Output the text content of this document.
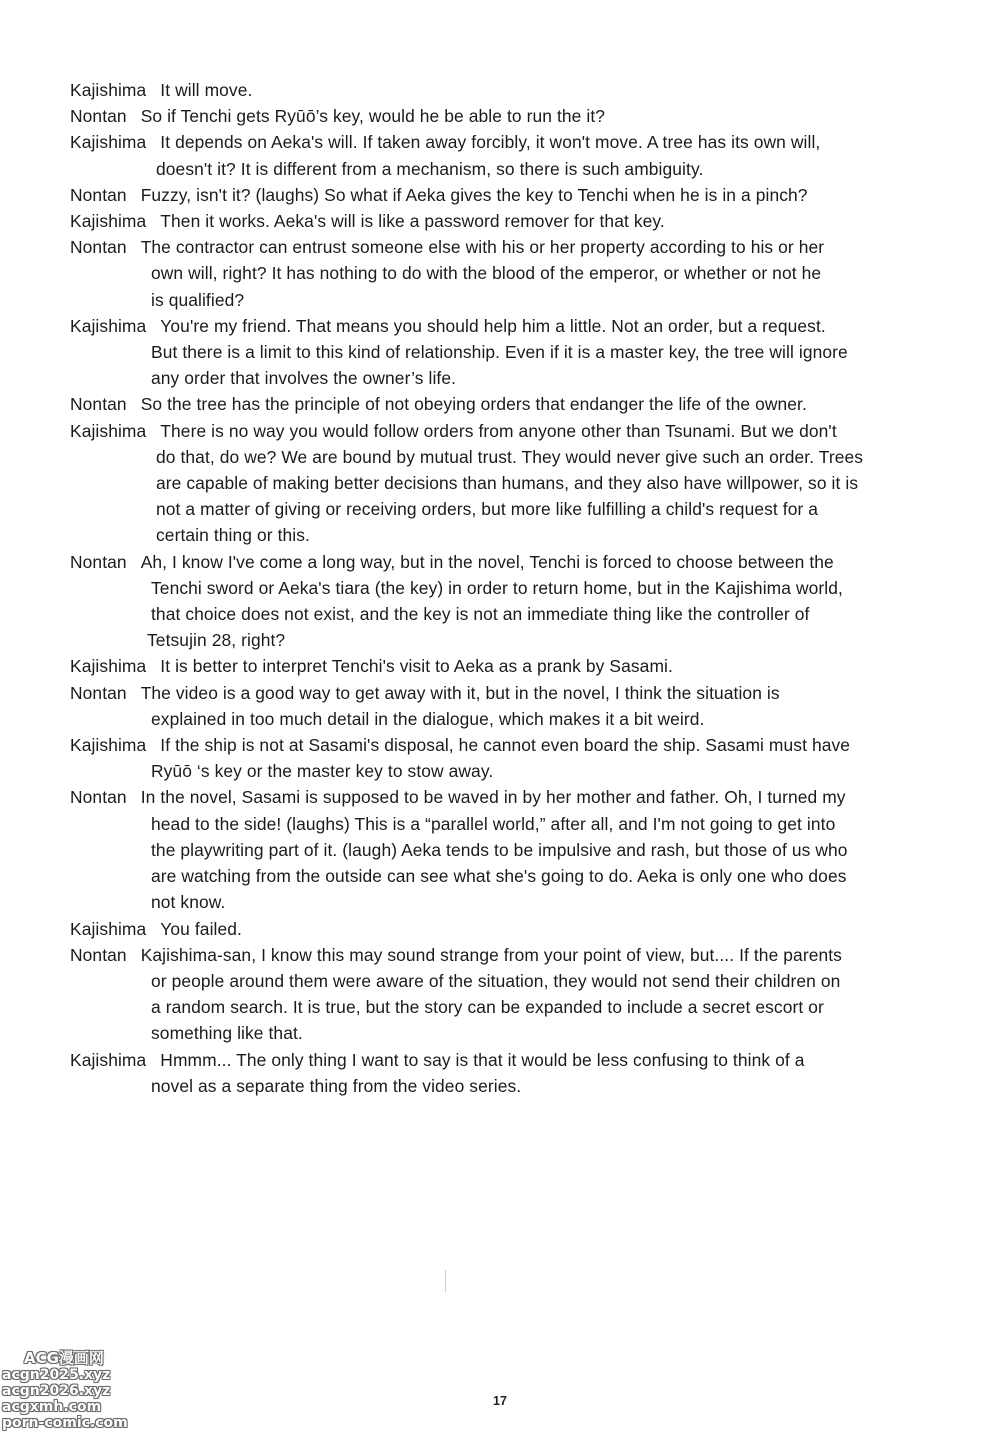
Kajishima It will move.
Nontan So if Tenchi gets Ryūō’s key, would he be able to run the it?
Kajishima It depends on Aeka's will. If taken away forcibly, it won't move. A tree has its own will,
doesn't it? It is different from a mechanism, so there is such ambiguity.
Nontan Fuzzy, isn't it? (laughs) So what if Aeka gives the key to Tenchi when he is in a pinch?
Kajishima Then it works. Aeka's will is like a password remover for that key.
Nontan The contractor can entrust someone else with his or her property according to his or her
own will, right? It has nothing to do with the blood of the emperor, or whether or not he
is qualified?
Kajishima You're my friend. That means you should help him a little. Not an order, but a request.
But there is a limit to this kind of relationship. Even if it is a master key, the tree will ignore
any order that involves the owner’s life.
Nontan So the tree has the principle of not obeying orders that endanger the life of the owner.
Kajishima There is no way you would follow orders from anyone other than Tsunami. But we don't
do that, do we? We are bound by mutual trust. They would never give such an order. Trees
are capable of making better decisions than humans, and they also have willpower, so it is
not a matter of giving or receiving orders, but more like fulfilling a child's request for a
certain thing or this.
Nontan Ah, I know I've come a long way, but in the novel, Tenchi is forced to choose between the
Tenchi sword or Aeka's tiara (the key) in order to return home, but in the Kajishima world,
that choice does not exist, and the key is not an immediate thing like the controller of
Tetsujin 28, right?
Kajishima It is better to interpret Tenchi's visit to Aeka as a prank by Sasami.
Nontan The video is a good way to get away with it, but in the novel, I think the situation is
explained in too much detail in the dialogue, which makes it a bit weird.
Kajishima If the ship is not at Sasami's disposal, he cannot even board the ship. Sasami must have
Ryūō ‘s key or the master key to stow away.
Nontan In the novel, Sasami is supposed to be waved in by her mother and father. Oh, I turned my
head to the side! (laughs) This is a “parallel world,” after all, and I'm not going to get into
the playwriting part of it. (laugh) Aeka tends to be impulsive and rash, but those of us who
are watching from the outside can see what she's going to do. Aeka is only one who does
not know.
Kajishima You failed.
Nontan Kajishima-san, I know this may sound strange from your point of view, but.... If the parents
or people around them were aware of the situation, they would not send their children on
a random search. It is true, but the story can be expanded to include a secret escort or
something like that.
Kajishima Hmmm... The only thing I want to say is that it would be less confusing to think of a
novel as a separate thing from the video series.
17
ACG漫画网
acgn2025.xyz
acgn2026.xyz
acgxmh.com
porn-comic.com
